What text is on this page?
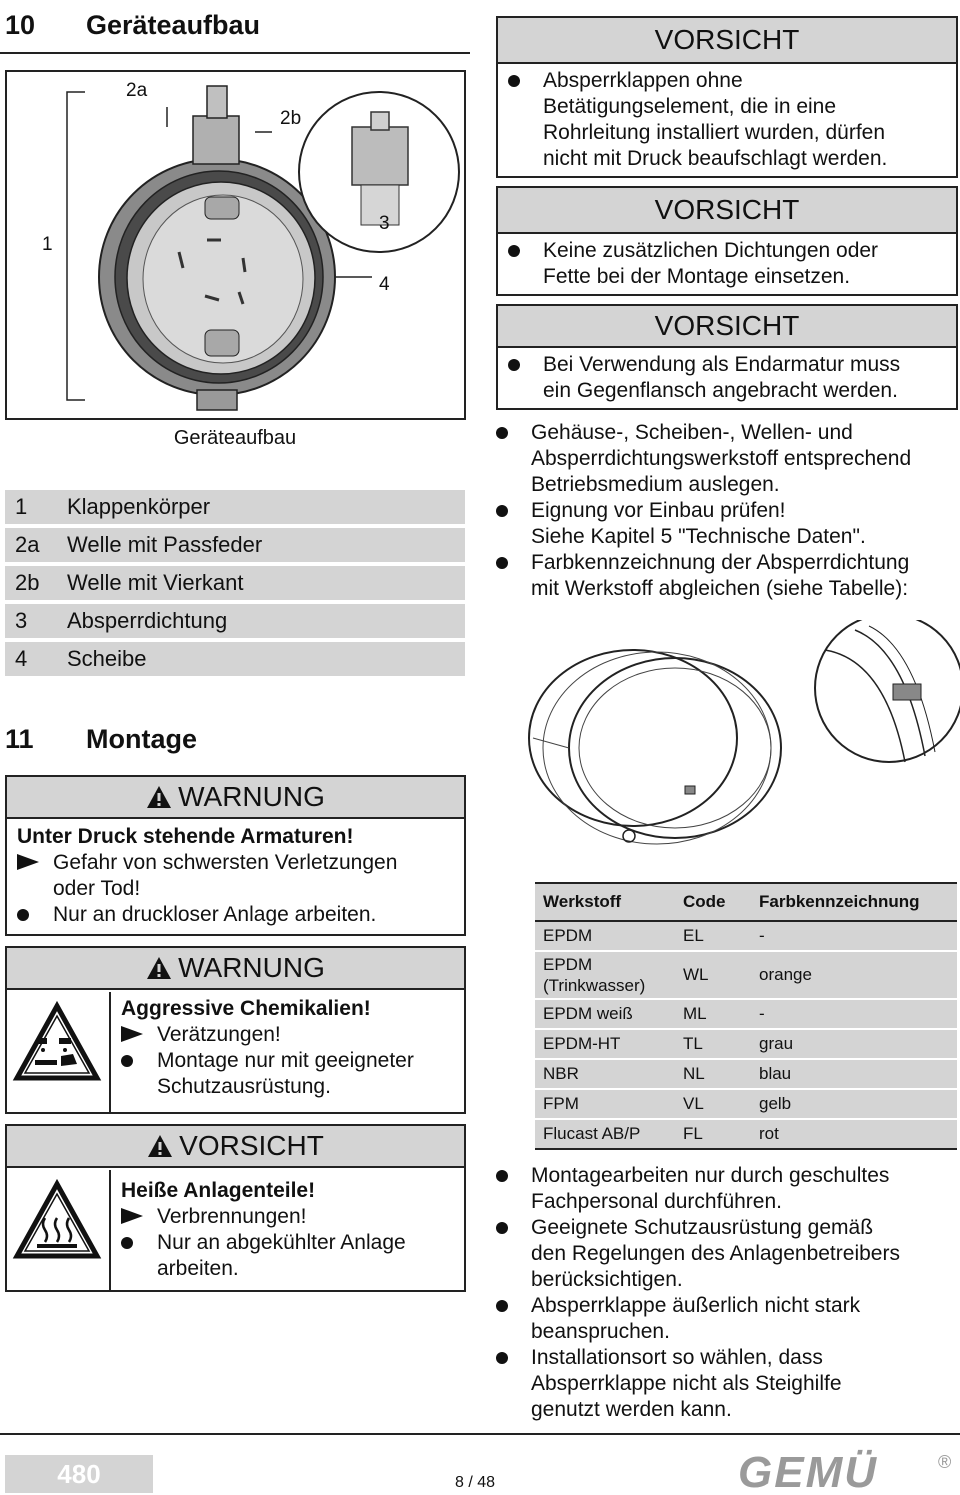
10 Geräteaufbau
1
2a
2b
3
4
Geräteaufbau
1	Klappenkörper
2a	Welle mit Passfeder
2b	Welle mit Vierkant
3	Absperrdichtung
4	Scheibe
VORSICHT
Absperrklappen ohne
Betätigungselement, die in eine
Rohrleitung installiert wurden, dürfen
nicht mit Druck beaufschlagt werden.
VORSICHT
Keine zusätzlichen Dichtungen oder
Fette bei der Montage einsetzen.
VORSICHT
Bei Verwendung als Endarmatur muss
ein Gegenflansch angebracht werden.
Gehäuse-, Scheiben-, Wellen- und
Absperrdichtungswerkstoff entsprechend
Betriebsmedium auslegen.
Eignung vor Einbau prüfen!
Siehe Kapitel 5 "Technische Daten".
Farbkennzeichnung der Absperrdichtung
mit Werkstoff abgleichen (siehe Tabelle):
Werkstoff	Code	Farbkennzeichnung
EPDM	EL	-

EPDM
(Trinkwasser)	WL	orange
EPDM weiß	ML	-
EPDM-HT	TL	grau
NBR	NL	blau
FPM	VL	gelb
Flucast AB/P	FL	rot
Montagearbeiten nur durch geschultes
Fachpersonal durchführen.
Geeignete Schutzausrüstung gemäß
den Regelungen des Anlagenbetreibers
berücksichtigen.
Absperrklappe äußerlich nicht stark
beanspruchen.
Installationsort so wählen, dass
Absperrklappe nicht als Steighilfe
genutzt werden kann.
11 Montage
WARNUNG
Unter Druck stehende Armaturen!
Gefahr von schwersten Verletzungen
oder Tod!
Nur an druckloser Anlage arbeiten.
WARNUNG
Aggressive Chemikalien!
Verätzungen!
Montage nur mit geeigneter
Schutzausrüstung.
VORSICHT
Heiße Anlagenteile!
Verbrennungen!
Nur an abgekühlter Anlage
arbeiten.
480	8 / 48	GEMÜ	®
